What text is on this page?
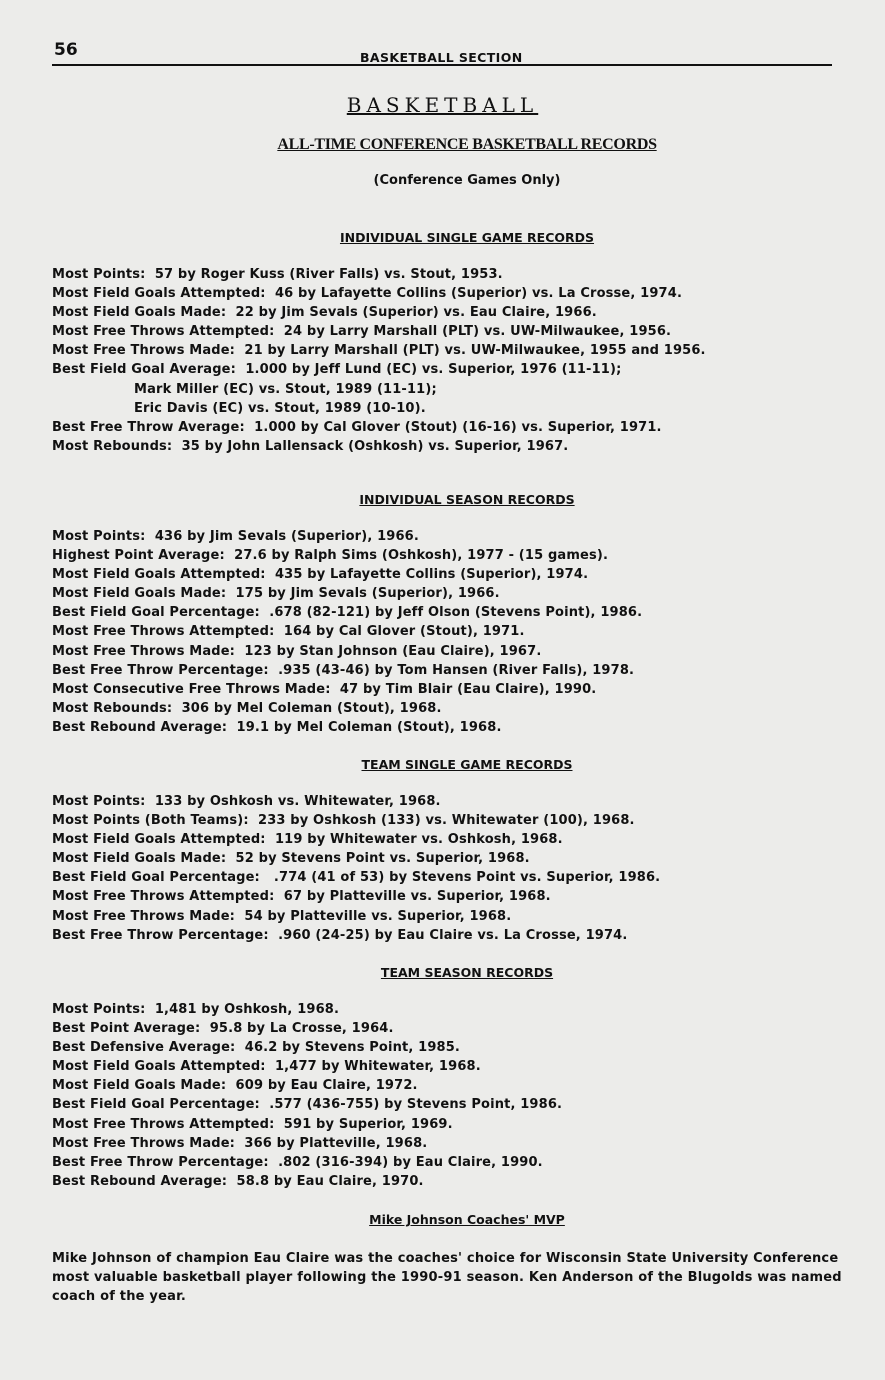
56	BASKETBALL SECTION

BASKETBALL
ALL-TIME CONFERENCE BASKETBALL RECORDS

(Conference Games Only)

INDIVIDUAL SINGLE GAME RECORDS

Most Points:  57 by Roger Kuss (River Falls) vs. Stout, 1953.
Most Field Goals Attempted:  46 by Lafayette Collins (Superior) vs. La Crosse, 1974.
Most Field Goals Made:  22 by Jim Sevals (Superior) vs. Eau Claire, 1966.
Most Free Throws Attempted:  24 by Larry Marshall (PLT) vs. UW-Milwaukee, 1956.
Most Free Throws Made:  21 by Larry Marshall (PLT) vs. UW-Milwaukee, 1955 and 1956.
Best Field Goal Average:  1.000 by Jeff Lund (EC) vs. Superior, 1976 (11-11);
Mark Miller (EC) vs. Stout, 1989 (11-11);
Eric Davis (EC) vs. Stout, 1989 (10-10).
Best Free Throw Average:  1.000 by Cal Glover (Stout) (16-16) vs. Superior, 1971.
Most Rebounds:  35 by John Lallensack (Oshkosh) vs. Superior, 1967.

INDIVIDUAL SEASON RECORDS

Most Points:  436 by Jim Sevals (Superior), 1966.
Highest Point Average:  27.6 by Ralph Sims (Oshkosh), 1977 - (15 games).
Most Field Goals Attempted:  435 by Lafayette Collins (Superior), 1974.
Most Field Goals Made:  175 by Jim Sevals (Superior), 1966.
Best Field Goal Percentage:  .678 (82-121) by Jeff Olson (Stevens Point), 1986.
Most Free Throws Attempted:  164 by Cal Glover (Stout), 1971.
Most Free Throws Made:  123 by Stan Johnson (Eau Claire), 1967.
Best Free Throw Percentage:  .935 (43-46) by Tom Hansen (River Falls), 1978.
Most Consecutive Free Throws Made:  47 by Tim Blair (Eau Claire), 1990.
Most Rebounds:  306 by Mel Coleman (Stout), 1968.
Best Rebound Average:  19.1 by Mel Coleman (Stout), 1968.

TEAM SINGLE GAME RECORDS

Most Points:  133 by Oshkosh vs. Whitewater, 1968.
Most Points (Both Teams):  233 by Oshkosh (133) vs. Whitewater (100), 1968.
Most Field Goals Attempted:  119 by Whitewater vs. Oshkosh, 1968.
Most Field Goals Made:  52 by Stevens Point vs. Superior, 1968.
Best Field Goal Percentage:   .774 (41 of 53) by Stevens Point vs. Superior, 1986.
Most Free Throws Attempted:  67 by Platteville vs. Superior, 1968.
Most Free Throws Made:  54 by Platteville vs. Superior, 1968.
Best Free Throw Percentage:  .960 (24-25) by Eau Claire vs. La Crosse, 1974.

TEAM SEASON RECORDS

Most Points:  1,481 by Oshkosh, 1968.
Best Point Average:  95.8 by La Crosse, 1964.
Best Defensive Average:  46.2 by Stevens Point, 1985.
Most Field Goals Attempted:  1,477 by Whitewater, 1968.
Most Field Goals Made:  609 by Eau Claire, 1972.
Best Field Goal Percentage:  .577 (436-755) by Stevens Point, 1986.
Most Free Throws Attempted:  591 by Superior, 1969.
Most Free Throws Made:  366 by Platteville, 1968.
Best Free Throw Percentage:  .802 (316-394) by Eau Claire, 1990.
Best Rebound Average:  58.8 by Eau Claire, 1970.

Mike Johnson Coaches' MVP

Mike Johnson of champion Eau Claire was the coaches' choice for Wisconsin State University Conference most valuable basketball player following the 1990-91 season. Ken Anderson of the Blugolds was named coach of the year.
